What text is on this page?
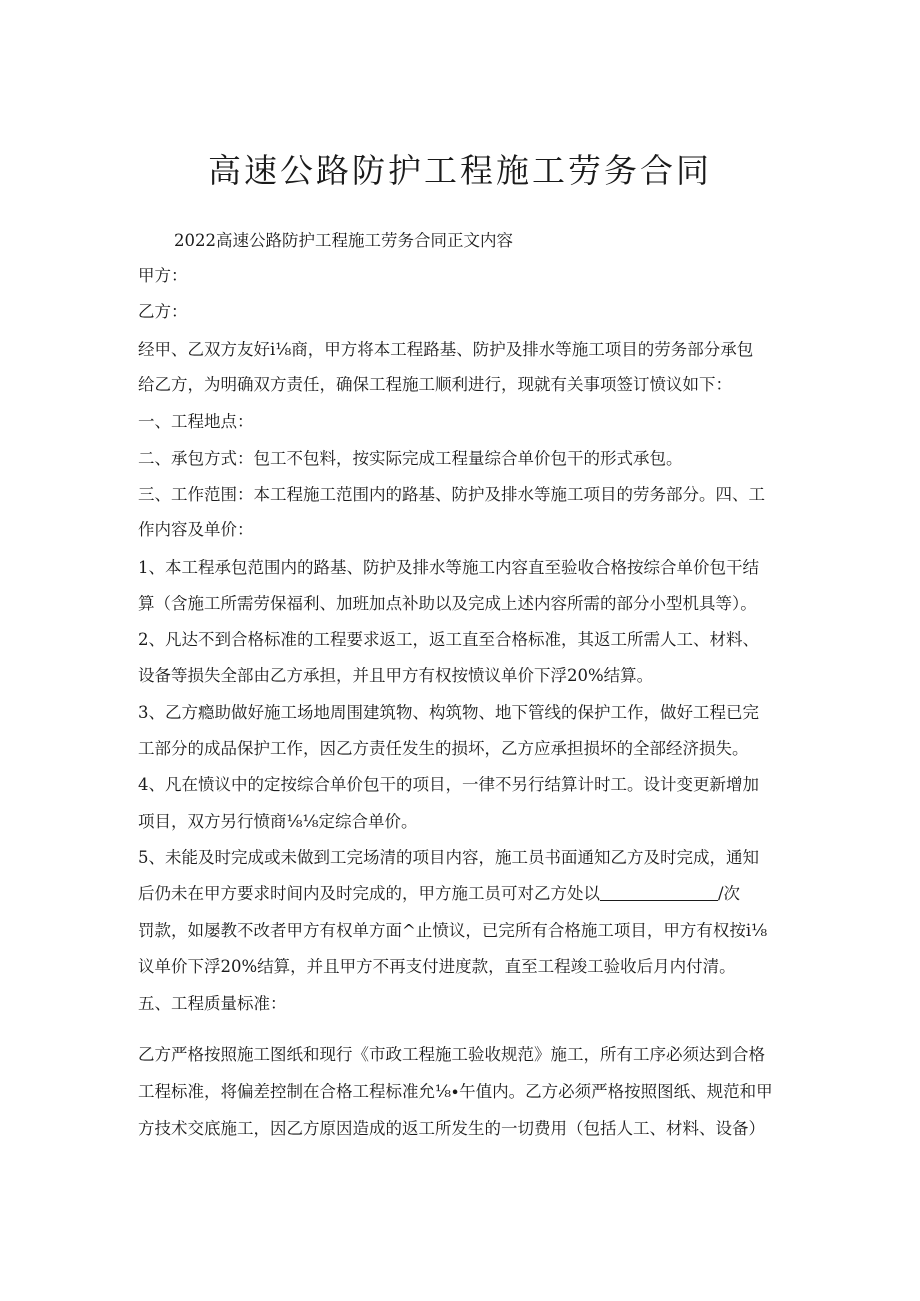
高速公路防护工程施工劳务合同
2022高速公路防护工程施工劳务合同正文内容
甲方：
乙方：
经甲、乙双方友好i⅛商，甲方将本工程路基、防护及排水等施工项目的劳务部分承包
给乙方，为明确双方责任，确保工程施工顺利进行，现就有关事项签订愤议如下：
一、工程地点：
二、承包方式：包工不包料，按实际完成工程量综合单价包干的形式承包。
三、工作范围：本工程施工范围内的路基、防护及排水等施工项目的劳务部分。四、工
作内容及单价：
1、本工程承包范围内的路基、防护及排水等施工内容直至验收合格按综合单价包干结
算（含施工所需劳保福利、加班加点补助以及完成上述内容所需的部分小型机具等）。
2、凡达不到合格标准的工程要求返工，返工直至合格标准，其返工所需人工、材料、
设备等损失全部由乙方承担，并且甲方有权按愤议单价下浮20%结算。
3、乙方瘾助做好施工场地周围建筑物、构筑物、地下管线的保护工作，做好工程已完
工部分的成品保护工作，因乙方责任发生的损坏，乙方应承担损坏的全部经济损失。
4、凡在愤议中的定按综合单价包干的项目，一律不另行结算计时工。设计变更新增加
项目，双方另行愤商⅛⅛定综合单价。
5、未能及时完成或未做到工完场清的项目内容，施工员书面通知乙方及时完成，通知
后仍未在甲方要求时间内及时完成的，甲方施工员可对乙方处以	/次
罚款，如屡教不改者甲方有权单方面^止愤议，已完所有合格施工项目，甲方有权按i⅛
议单价下浮20%结算，并且甲方不再支付进度款，直至工程竣工验收后月内付清。
五、工程质量标准：
乙方严格按照施工图纸和现行《市政工程施工验收规范》施工，所有工序必须达到合格
工程标准，将偏差控制在合格工程标准允⅛∙午值内。乙方必须严格按照图纸、规范和甲
方技术交底施工，因乙方原因造成的返工所发生的一切费用（包括人工、材料、设备）
